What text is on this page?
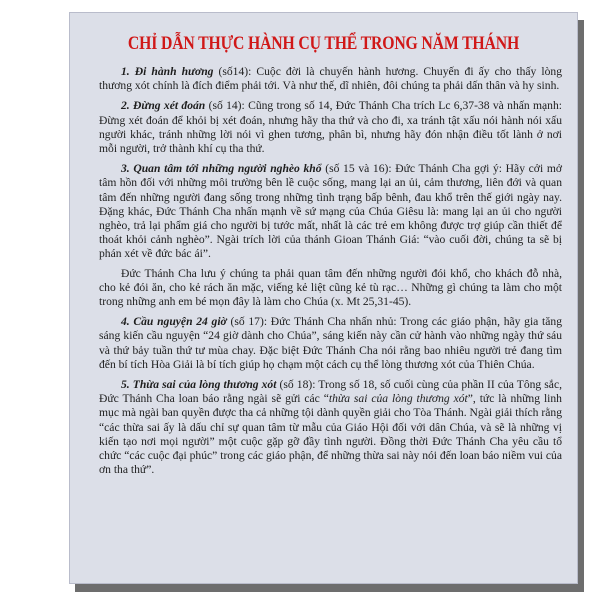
CHỈ DẪN THỰC HÀNH CỤ THỂ TRONG NĂM THÁNH

1. Đi hành hương (số14): Cuộc đời là chuyến hành hương. Chuyến đi ấy cho thấy lòng thương xót chính là đích điểm phải tới. Và như thế, dĩ nhiên, đôi chúng ta phải dấn thân và hy sinh.

2. Đừng xét đoán (số 14): Cũng trong số 14, Đức Thánh Cha trích Lc 6,37-38 và nhấn mạnh: Đừng xét đoán để khỏi bị xét đoán, nhưng hãy tha thứ và cho đi, xa tránh tật xấu nói hành nói xấu người khác, tránh những lời nói vì ghen tương, phân bì, nhưng hãy đón nhận điều tốt lành ở nơi mỗi người, trở thành khí cụ tha thứ.

3. Quan tâm tới những người nghèo khổ (số 15 và 16): Đức Thánh Cha gợi ý: Hãy cởi mở tâm hồn đối với những môi trường bên lề cuộc sống, mang lại an ủi, cảm thương, liên đới và quan tâm đến những người đang sống trong những tình trạng bấp bênh, đau khổ trên thế giới ngày nay. Đặng khác, Đức Thánh Cha nhấn mạnh về sứ mạng của Chúa Giêsu là: mang lại an ủi cho người nghèo, trả lại phẩm giá cho người bị tước mất, nhất là các trẻ em không được trợ giúp cần thiết để thoát khỏi cảnh nghèo”. Ngài trích lời của thánh Gioan Thánh Giá: “vào cuối đời, chúng ta sẽ bị phán xét về đức bác ái”.

Đức Thánh Cha lưu ý chúng ta phải quan tâm đến những người đói khổ, cho khách đỗ nhà, cho kẻ đói ăn, cho kẻ rách ăn mặc, viếng kẻ liệt cũng kẻ tù rạc… Những gì chúng ta làm cho một trong những anh em bé mọn đây là làm cho Chúa (x. Mt 25,31-45).

4. Cầu nguyện 24 giờ (số 17): Đức Thánh Cha nhấn nhủ: Trong các giáo phận, hãy gia tăng sáng kiến cầu nguyện “24 giờ dành cho Chúa”, sáng kiến này cần cử hành vào những ngày thứ sáu và thứ bảy tuần thứ tư mùa chay. Đặc biệt Đức Thánh Cha nói rằng bao nhiêu người trẻ đang tìm đến bí tích Hòa Giải là bí tích giúp họ chạm một cách cụ thể lòng thương xót của Thiên Chúa.

5. Thừa sai của lòng thương xót (số 18): Trong số 18, số cuối cùng của phần II của Tông sắc, Đức Thánh Cha loan báo rằng ngài sẽ gửi các “thừa sai của lòng thương xót”, tức là những linh mục mà ngài ban quyền được tha cả những tội dành quyền giải cho Tòa Thánh. Ngài giải thích rằng “các thừa sai ấy là dấu chỉ sự quan tâm từ mẫu của Giáo Hội đối với dân Chúa, và sẽ là những vị kiến tạo nơi mọi người” một cuộc gặp gỡ đầy tình người. Đồng thời Đức Thánh Cha yêu cầu tổ chức “các cuộc đại phúc” trong các giáo phận, để những thừa sai này nói đến loan báo niềm vui của ơn tha thứ”.
